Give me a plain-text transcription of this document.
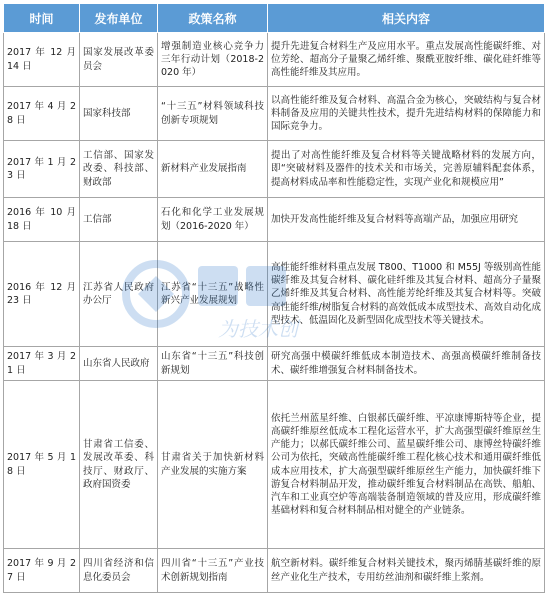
时间	发布单位	政策名称	相关内容
2017 年 12 月 14 日	国家发展改革委员会	增强制造业核心竞争力三年行动计划（2018-2020 年）	提升先进复合材料生产及应用水平。重点发展高性能碳纤维、对位芳纶、超高分子量聚乙烯纤维、聚酰亚胺纤维、碳化硅纤维等高性能纤维及其应用。
2017 年 4 月 28 日	国家科技部	“十三五”材料领域科技创新专项规划	以高性能纤维及复合材料、高温合金为核心，突破结构与复合材料制备及应用的关键共性技术，提升先进结构材料的保障能力和国际竞争力。
2017 年 1 月 23 日	工信部、国家发改委、科技部、财政部	新材料产业发展指南	提出了对高性能纤维及复合材料等关键战略材料的发展方向，即“突破材料及器件的技术关和市场关，完善原辅料配套体系，提高材料成品率和性能稳定性，实现产业化和规模应用”
2016 年 10 月 18 日	工信部	石化和化学工业发展规划（2016-2020 年）	加快开发高性能纤维及复合材料等高端产品，加强应用研究
2016 年 12 月 23 日	江苏省人民政府办公厅	江苏省“十三五”战略性新兴产业发展规划	高性能纤维材料重点发展 T800、T1000 和 M55J 等级别高性能碳纤维及其复合材料、碳化硅纤维及其复合材料、超高分子量聚乙烯纤维及其复合材料、高性能芳纶纤维及其复合材料等。突破高性能纤维/树脂复合材料的高效低成本成型技术、高效自动化成型技术、低温固化及新型固化成型技术等关键技术。
2017 年 3 月 21 日	山东省人民政府	山东省“十三五”科技创新规划	研究高强中模碳纤维低成本制造技术、高强高模碳纤维制备技术、碳纤维增强复合材料制备技术。
2017 年 5 月 18 日	甘肃省工信委、发展改革委、科技厅、财政厅、政府国资委	甘肃省关于加快新材料产业发展的实施方案	依托兰州蓝星纤维、白银郝氏碳纤维、平凉康博斯特等企业，提高碳纤维原丝低成本工程化运营水平，扩大高强型碳纤维原丝生产能力；以郝氏碳纤维公司、蓝星碳纤维公司、康博丝特碳纤维公司为依托，突破高性能碳纤维工程化核心技术和通用碳纤维低成本应用技术，扩大高强型碳纤维原丝生产能力，加快碳纤维下游复合材料制品开发，推动碳纤维复合材料制品在高铁、船舶、汽车和工业真空炉等高端装备制造领域的普及应用，形成碳纤维基础材料和复合材料制品相对健全的产业链条。
2017 年 9 月 27 日	四川省经济和信息化委员会	四川省“十三五”产业技术创新规划指南	航空新材料。碳纤维复合材料关键技术，聚丙烯腈基碳纤维的原丝产业化生产技术，专用纺丝油剂和碳纤维上浆剂。
为技术创
